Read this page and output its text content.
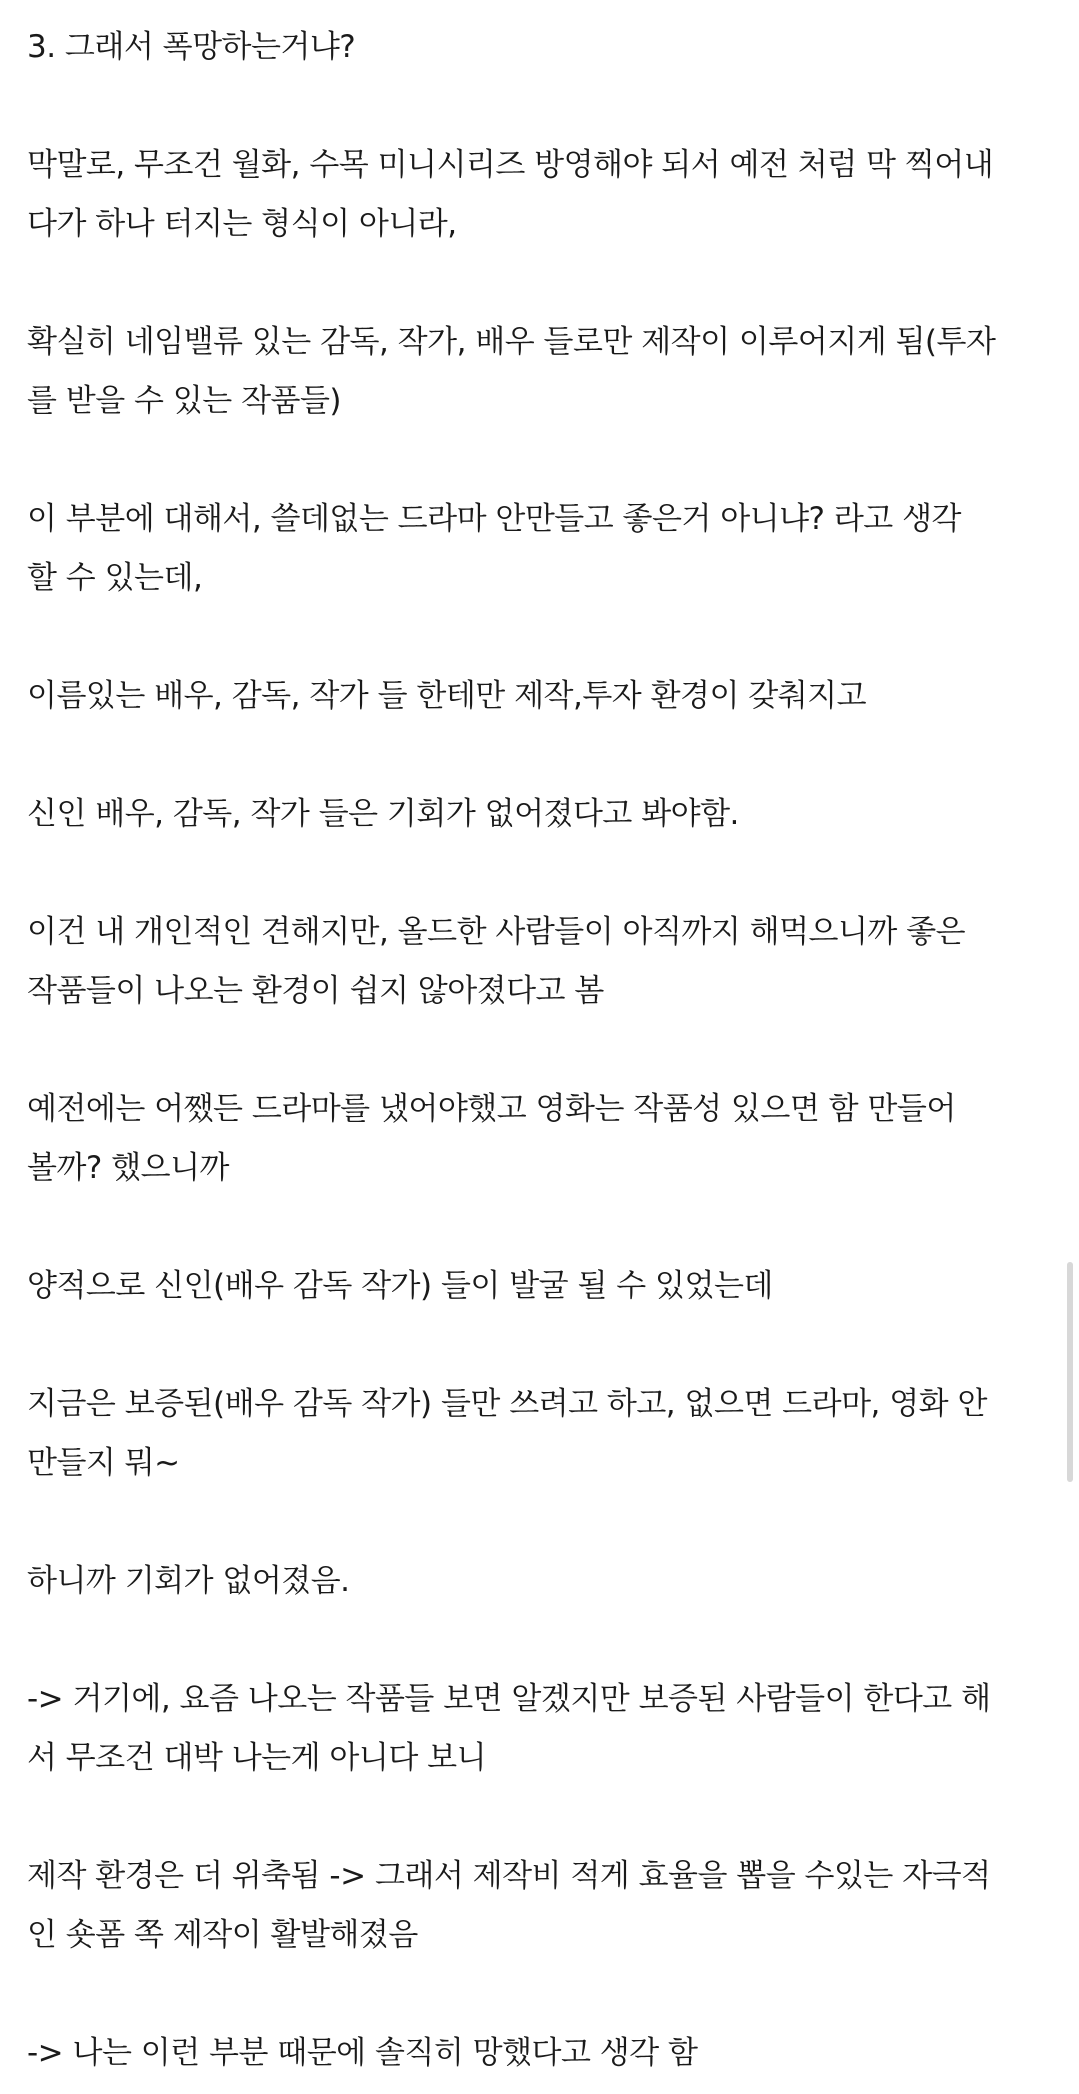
3. 그래서 폭망하는거냐?

막말로, 무조건 월화, 수목 미니시리즈 방영해야 되서 예전 처럼 막 찍어내
다가 하나 터지는 형식이 아니라,

확실히 네임밸류 있는 감독, 작가, 배우 들로만 제작이 이루어지게 됨(투자
를 받을 수 있는 작품들)

이 부분에 대해서, 쓸데없는 드라마 안만들고 좋은거 아니냐? 라고 생각
할 수 있는데,

이름있는 배우, 감독, 작가 들 한테만 제작,투자 환경이 갖춰지고

신인 배우, 감독, 작가 들은 기회가 없어졌다고 봐야함.

이건 내 개인적인 견해지만, 올드한 사람들이 아직까지 해먹으니까 좋은
작품들이 나오는 환경이 쉽지 않아졌다고 봄

예전에는 어쨌든 드라마를 냈어야했고 영화는 작품성 있으면 함 만들어
볼까? 했으니까

양적으로 신인(배우 감독 작가) 들이 발굴 될 수 있었는데

지금은 보증된(배우 감독 작가) 들만 쓰려고 하고, 없으면 드라마, 영화 안
만들지 뭐~

하니까 기회가 없어졌음.

-> 거기에, 요즘 나오는 작품들 보면 알겠지만 보증된 사람들이 한다고 해
서 무조건 대박 나는게 아니다 보니

제작 환경은 더 위축됨 -> 그래서 제작비 적게 효율을 뽑을 수있는 자극적
인 숏폼 쪽 제작이 활발해졌음

-> 나는 이런 부분 때문에 솔직히 망했다고 생각 함
